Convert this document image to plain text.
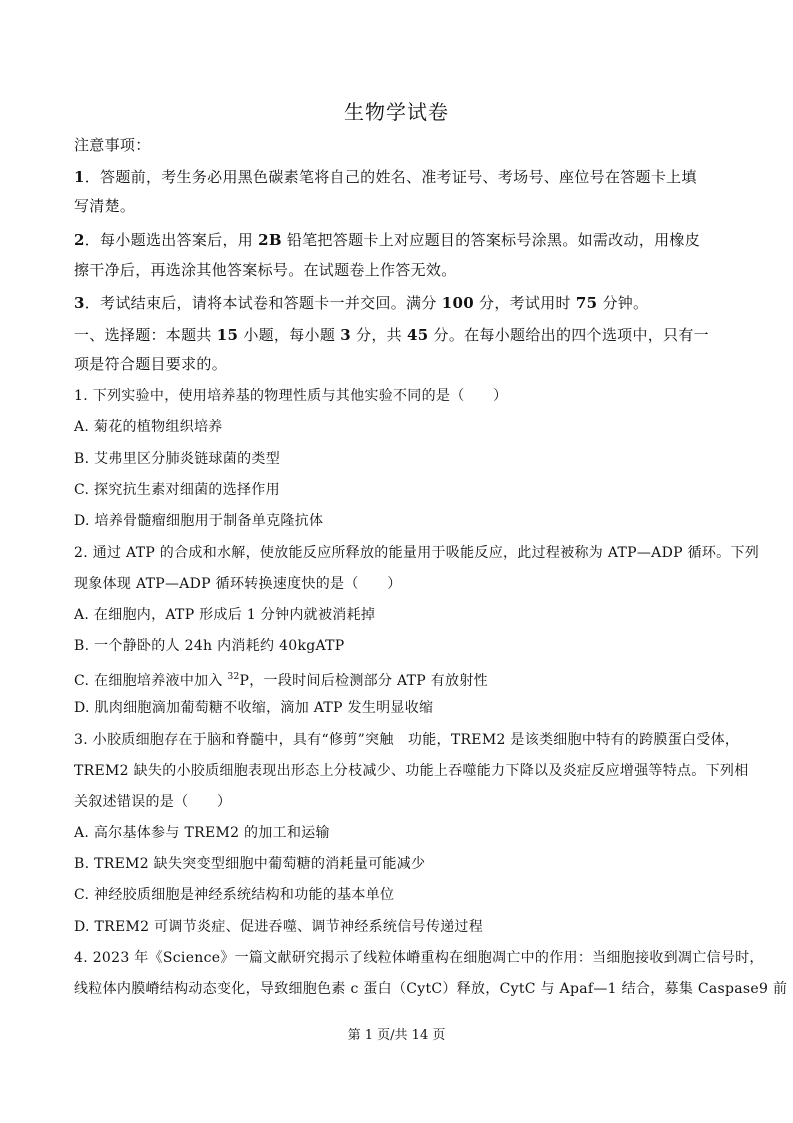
生物学试卷
注意事项：
1．答题前，考生务必用黑色碳素笔将自己的姓名、准考证号、考场号、座位号在答题卡上填
写清楚。
2．每小题选出答案后，用 2B 铅笔把答题卡上对应题目的答案标号涂黑。如需改动，用橡皮
擦干净后，再选涂其他答案标号。在试题卷上作答无效。
3．考试结束后，请将本试卷和答题卡一并交回。满分 100 分，考试用时 75 分钟。
一、选择题：本题共 15 小题，每小题 3 分，共 45 分。在每小题给出的四个选项中，只有一
项是符合题目要求的。
1. 下列实验中，使用培养基的物理性质与其他实验不同的是（　　）
A. 菊花的植物组织培养
B. 艾弗里区分肺炎链球菌的类型
C. 探究抗生素对细菌的选择作用
D. 培养骨髓瘤细胞用于制备单克隆抗体
2. 通过 ATP 的合成和水解，使放能反应所释放的能量用于吸能反应，此过程被称为 ATP—ADP 循环。下列
现象体现 ATP—ADP 循环转换速度快的是（　　）
A. 在细胞内，ATP 形成后 1 分钟内就被消耗掉
B. 一个静卧的人 24h 内消耗约 40kgATP
C. 在细胞培养液中加入 $^{32}$P，一段时间后检测部分 ATP 有放射性
D. 肌肉细胞滴加葡萄糖不收缩，滴加 ATP 发生明显收缩
3. 小胶质细胞存在于脑和脊髓中，具有“修剪”突触　功能，TREM2 是该类细胞中特有的跨膜蛋白受体，
TREM2 缺失的小胶质细胞表现出形态上分枝减少、功能上吞噬能力下降以及炎症反应增强等特点。下列相
关叙述错误的是（　　）
A. 高尔基体参与 TREM2 的加工和运输
B. TREM2 缺失突变型细胞中葡萄糖的消耗量可能减少
C. 神经胶质细胞是神经系统结构和功能的基本单位
D. TREM2 可调节炎症、促进吞噬、调节神经系统信号传递过程
4. 2023 年《Science》一篇文献研究揭示了线粒体嵴重构在细胞凋亡中的作用：当细胞接收到凋亡信号时，
线粒体内膜嵴结构动态变化，导致细胞色素 c 蛋白（CytC）释放，CytC 与 Apaf—1 结合，募集 Caspase9 前
第 1 页/共 14 页
